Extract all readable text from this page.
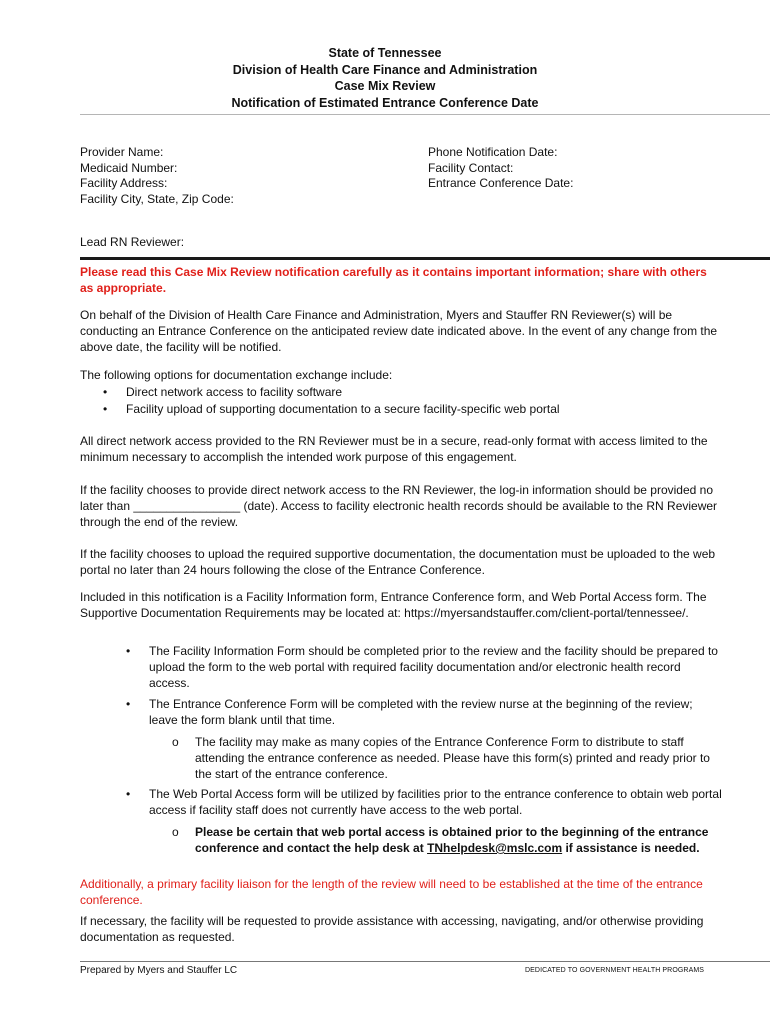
State of Tennessee
Division of Health Care Finance and Administration
Case Mix Review
Notification of Estimated Entrance Conference Date
Provider Name:
Medicaid Number:
Facility Address:
Facility City, State, Zip Code:
Phone Notification Date:
Facility Contact:
Entrance Conference Date:
Lead RN Reviewer:
Please read this Case Mix Review notification carefully as it contains important information; share with others as appropriate.
On behalf of the Division of Health Care Finance and Administration, Myers and Stauffer RN Reviewer(s) will be conducting an Entrance Conference on the anticipated review date indicated above. In the event of any change from the above date, the facility will be notified.
The following options for documentation exchange include:
• Direct network access to facility software
• Facility upload of supporting documentation to a secure facility-specific web portal
All direct network access provided to the RN Reviewer must be in a secure, read-only format with access limited to the minimum necessary to accomplish the intended work purpose of this engagement.
If the facility chooses to provide direct network access to the RN Reviewer, the log-in information should be provided no later than ________________ (date). Access to facility electronic health records should be available to the RN Reviewer through the end of the review.
If the facility chooses to upload the required supportive documentation, the documentation must be uploaded to the web portal no later than 24 hours following the close of the Entrance Conference.
Included in this notification is a Facility Information form, Entrance Conference form, and Web Portal Access form. The Supportive Documentation Requirements may be located at: https://myersandstauffer.com/client-portal/tennessee/.
• The Facility Information Form should be completed prior to the review and the facility should be prepared to upload the form to the web portal with required facility documentation and/or electronic health record access.
• The Entrance Conference Form will be completed with the review nurse at the beginning of the review; leave the form blank until that time.
o The facility may make as many copies of the Entrance Conference Form to distribute to staff attending the entrance conference as needed. Please have this form(s) printed and ready prior to the start of the entrance conference.
• The Web Portal Access form will be utilized by facilities prior to the entrance conference to obtain web portal access if facility staff does not currently have access to the web portal.
o Please be certain that web portal access is obtained prior to the beginning of the entrance conference and contact the help desk at TNhelpdesk@mslc.com if assistance is needed.
Additionally, a primary facility liaison for the length of the review will need to be established at the time of the entrance conference.
If necessary, the facility will be requested to provide assistance with accessing, navigating, and/or otherwise providing documentation as requested.
Prepared by Myers and Stauffer LC	DEDICATED TO GOVERNMENT HEALTH PROGRAMS
